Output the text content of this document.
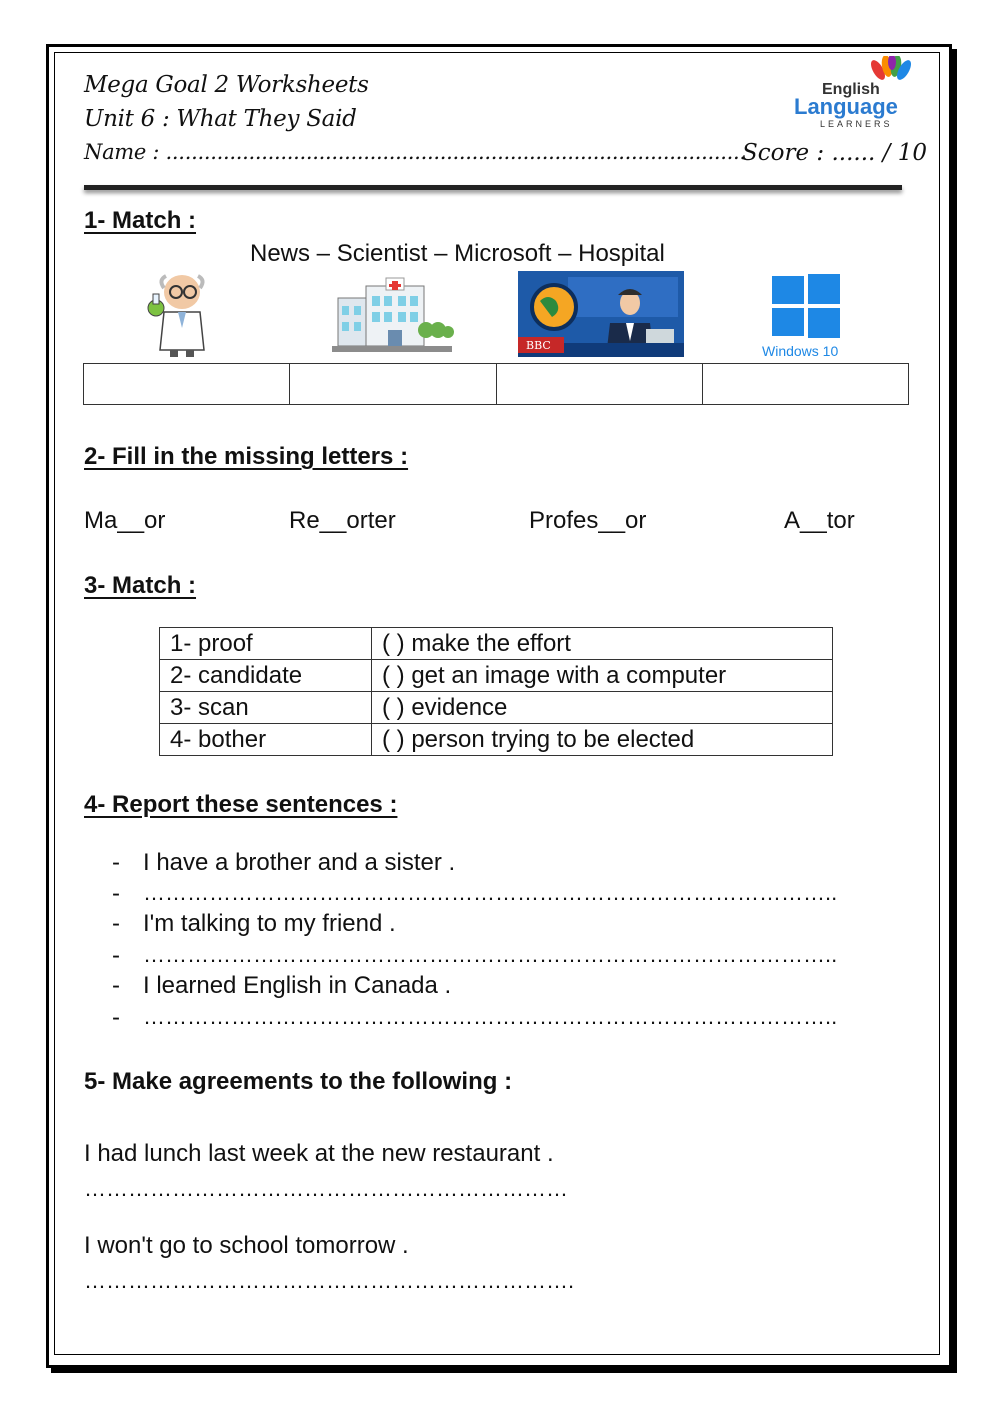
Mega Goal 2 Worksheets
Unit 6 : What They Said
Name : ...........................................................................................
Score : ...... / 10
English
Language
LEARNERS
1- Match :
News – Scientist – Microsoft – Hospital
BBC	Windows 10

2- Fill in the missing letters :
Ma__or	Re__orter	Profes__or	A__tor
3- Match :
1- proof	( ) make the effort
2- candidate	( ) get an image with a computer
3- scan	( ) evidence
4- bother	( ) person trying to be elected
4- Report these sentences :
- I have a brother and a sister .
- …………………………………………………………………………………..
- I'm talking to my friend .
- …………………………………………………………………………………..
- I learned English in Canada .
- …………………………………………………………………………………..
5- Make agreements to the following :
I had lunch last week at the new restaurant .
…………………………………………………………
I won't go to school tomorrow .
………………………………………………………….
